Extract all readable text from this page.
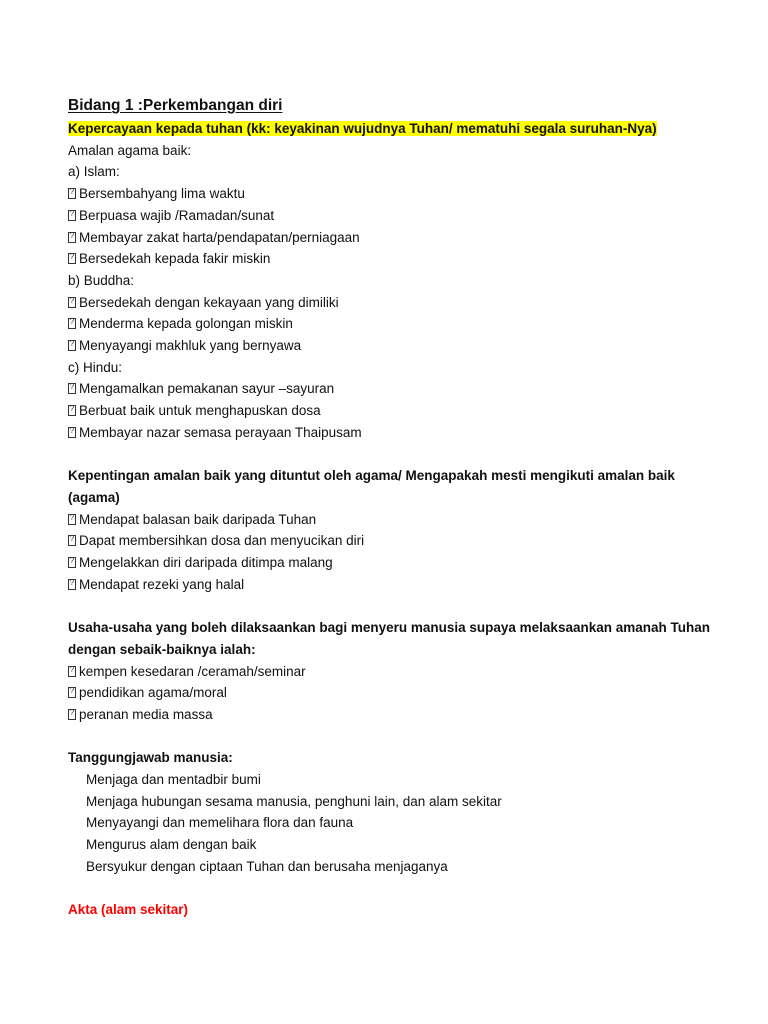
Bidang 1 :Perkembangan diri
Kepercayaan kepada tuhan (kk: keyakinan wujudnya Tuhan/ mematuhi segala suruhan-Nya)
Amalan agama baik:
a) Islam:
?Bersembahyang lima waktu
?Berpuasa wajib /Ramadan/sunat
?Membayar zakat harta/pendapatan/perniagaan
?Bersedekah kepada fakir miskin
b) Buddha:
?Bersedekah dengan kekayaan yang dimiliki
?Menderma kepada golongan miskin
?Menyayangi makhluk yang bernyawa
c) Hindu:
?Mengamalkan pemakanan sayur –sayuran
?Berbuat baik untuk menghapuskan dosa
?Membayar nazar semasa perayaan Thaipusam
Kepentingan amalan baik yang dituntut oleh agama/ Mengapakah mesti mengikuti amalan baik (agama)
?Mendapat balasan baik daripada Tuhan
?Dapat membersihkan dosa dan menyucikan diri
?Mengelakkan diri daripada ditimpa malang
?Mendapat rezeki yang halal
Usaha-usaha yang boleh dilaksaankan bagi menyeru manusia supaya melaksaankan amanah Tuhan dengan sebaik-baiknya ialah:
?kempen kesedaran /ceramah/seminar
?pendidikan agama/moral
?peranan media massa
Tanggungjawab manusia:
Menjaga dan mentadbir bumi
Menjaga hubungan sesama manusia, penghuni lain, dan alam sekitar
Menyayangi dan memelihara flora dan fauna
Mengurus alam dengan baik
Bersyukur dengan ciptaan Tuhan dan berusaha menjaganya
Akta (alam sekitar)
